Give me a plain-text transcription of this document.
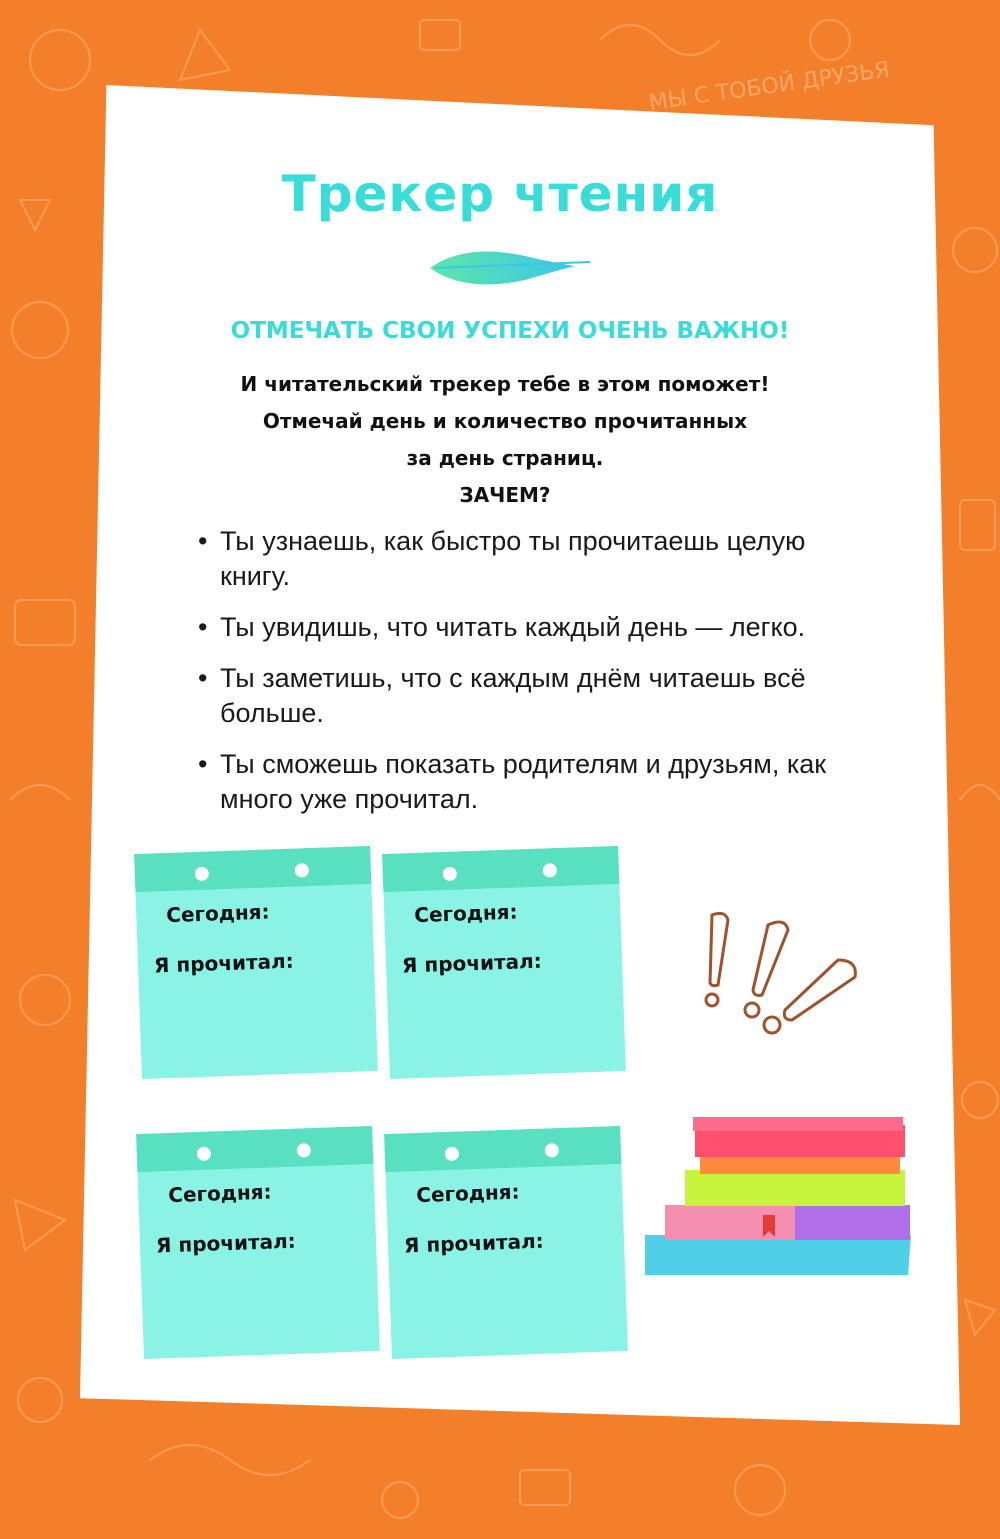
МЫ С ТОБОЙ ДРУЗЬЯ
Трекер чтения
ОТМЕЧАТЬ СВОИ УСПЕХИ ОЧЕНЬ ВАЖНО!
И читательский трекер тебе в этом поможет!
Отмечай день и количество прочитанных
за день страниц.
ЗАЧЕМ?
• Ты узнаешь, как быстро ты прочитаешь целую книгу.
• Ты увидишь, что читать каждый день — легко.
• Ты заметишь, что с каждым днём читаешь всё больше.
• Ты сможешь показать родителям и друзьям, как много уже прочитал.
Сегодня:
Я прочитал:
Сегодня:
Я прочитал:
Сегодня:
Я прочитал:
Сегодня:
Я прочитал:
